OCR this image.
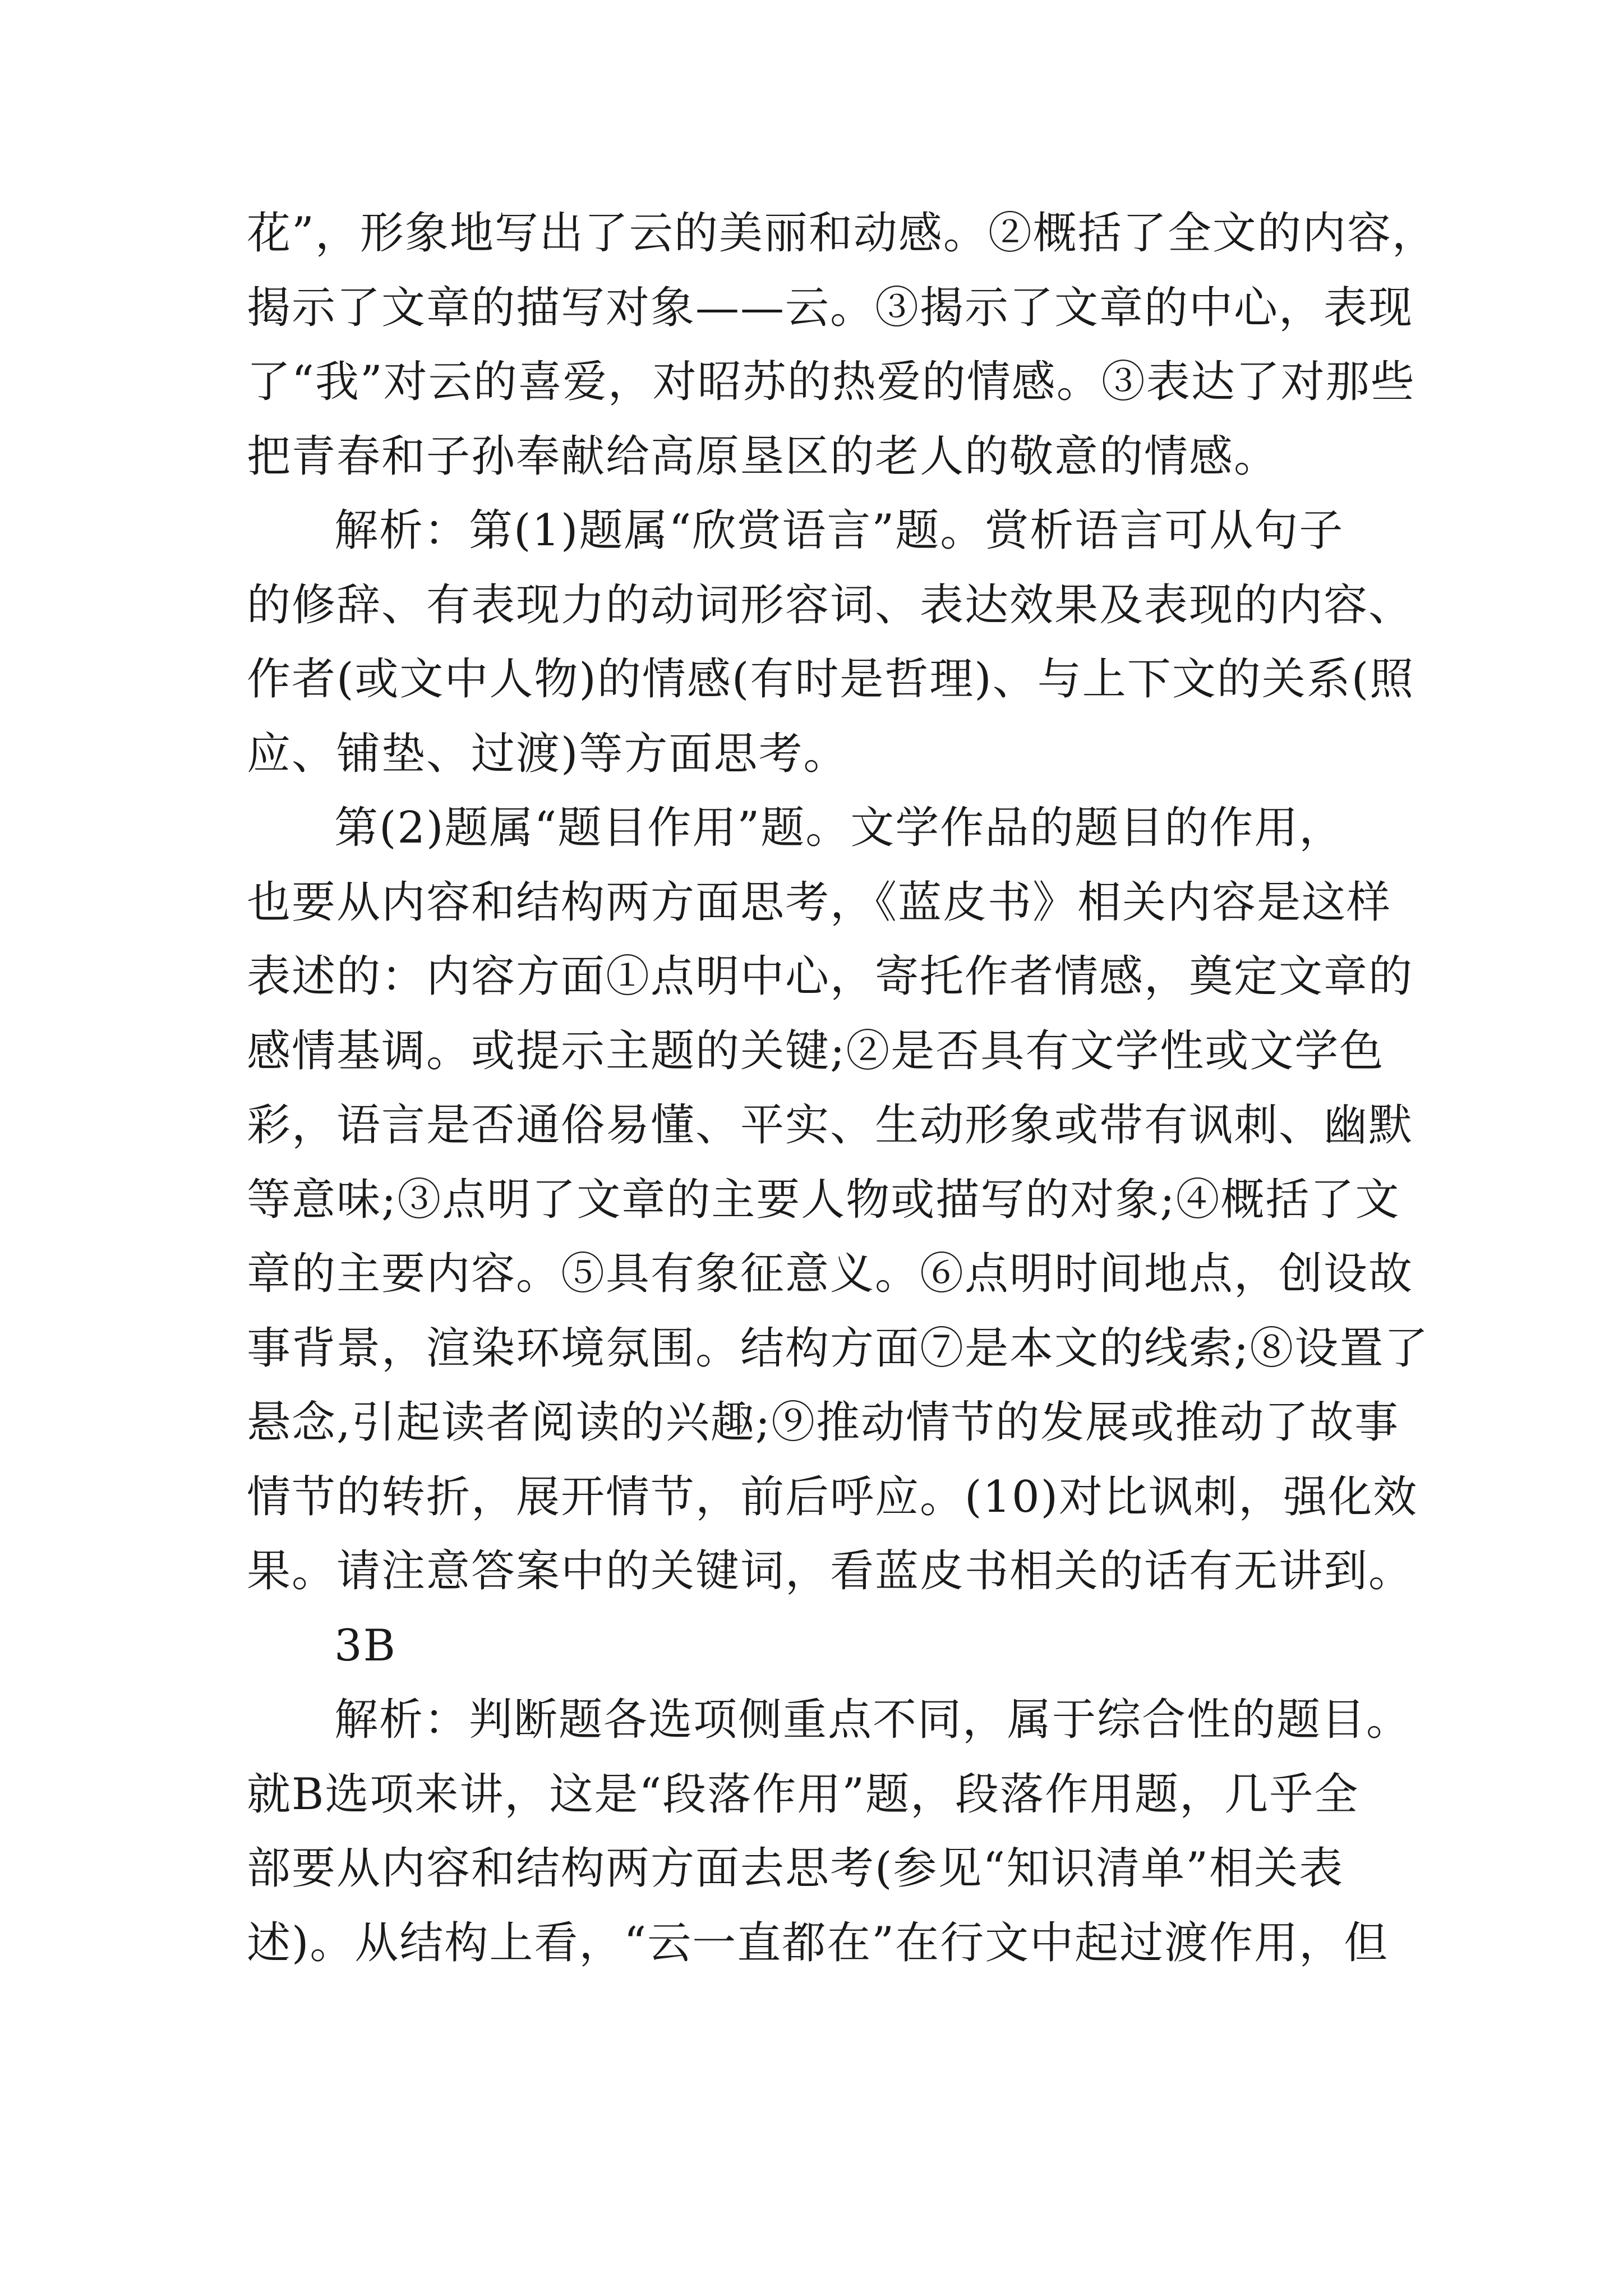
花”，形象地写出了云的美丽和动感。②概括了全文的内容，
揭示了文章的描写对象——云。③揭示了文章的中心，表现
了“我”对云的喜爱，对昭苏的热爱的情感。③表达了对那些
把青春和子孙奉献给高原垦区的老人的敬意的情感。
解析：第(1)题属“欣赏语言”题。赏析语言可从句子
的修辞、有表现力的动词形容词、表达效果及表现的内容、
作者(或文中人物)的情感(有时是哲理)、与上下文的关系(照
应、铺垫、过渡)等方面思考。
第(2)题属“题目作用”题。文学作品的题目的作用，
也要从内容和结构两方面思考，《蓝皮书》相关内容是这样
表述的：内容方面①点明中心，寄托作者情感，奠定文章的
感情基调。或提示主题的关键;②是否具有文学性或文学色
彩，语言是否通俗易懂、平实、生动形象或带有讽刺、幽默
等意味;③点明了文章的主要人物或描写的对象;④概括了文
章的主要内容。⑤具有象征意义。⑥点明时间地点，创设故
事背景，渲染环境氛围。结构方面⑦是本文的线索;⑧设置了
悬念,引起读者阅读的兴趣;⑨推动情节的发展或推动了故事
情节的转折，展开情节，前后呼应。(10)对比讽刺，强化效
果。请注意答案中的关键词，看蓝皮书相关的话有无讲到。
3B
解析：判断题各选项侧重点不同，属于综合性的题目。
就B选项来讲，这是“段落作用”题，段落作用题，几乎全
部要从内容和结构两方面去思考(参见“知识清单”相关表
述)。从结构上看，“云一直都在”在行文中起过渡作用，但
